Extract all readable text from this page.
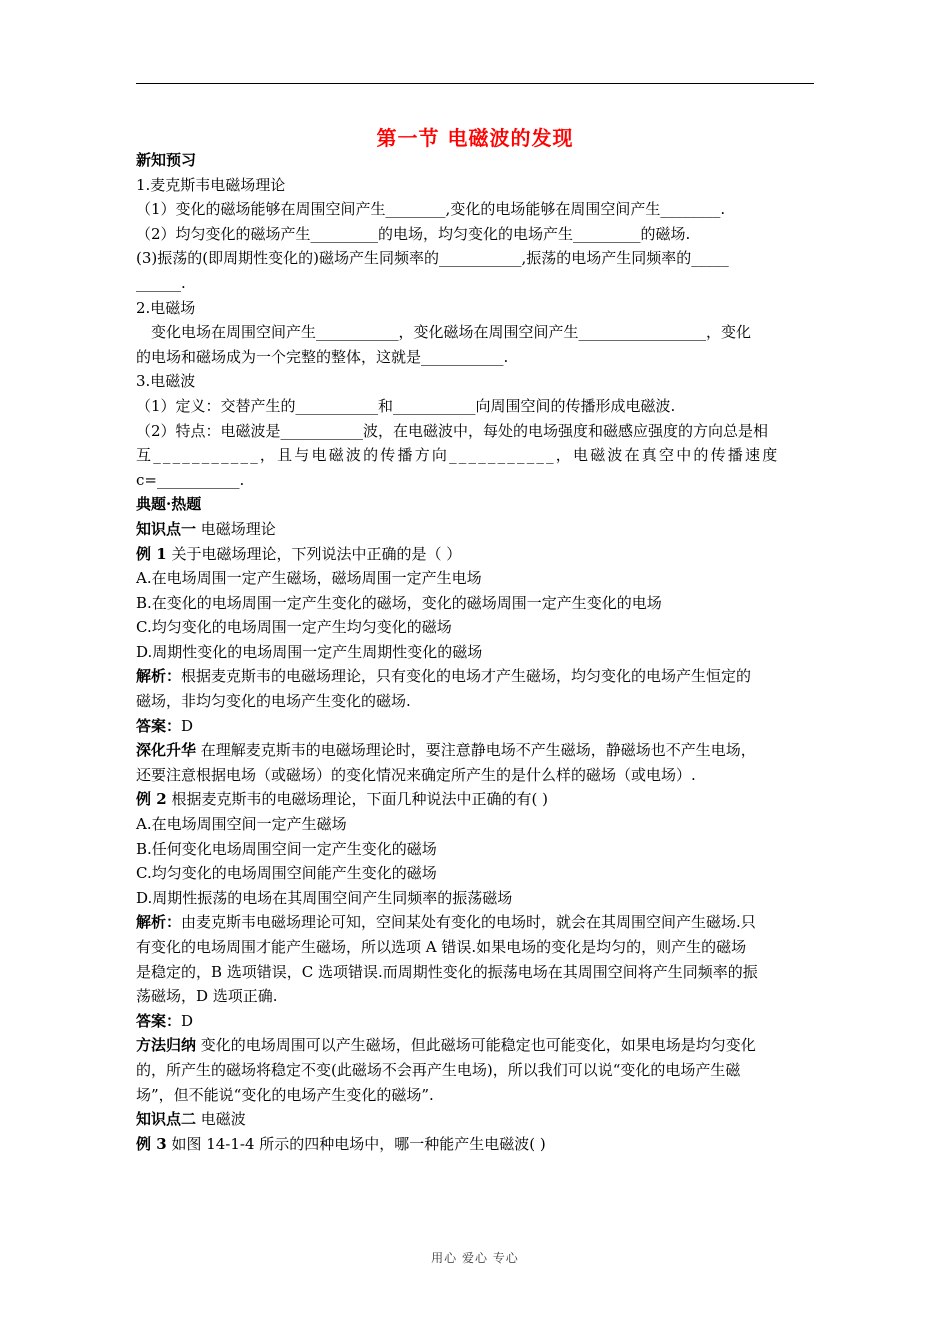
第一节 电磁波的发现
新知预习
1.麦克斯韦电磁场理论
（1）变化的磁场能够在周围空间产生________,变化的电场能够在周围空间产生________.
（2）均匀变化的磁场产生_________的电场，均匀变化的电场产生_________的磁场.
(3)振荡的(即周期性变化的)磁场产生同频率的___________,振荡的电场产生同频率的_____
______.
2.电磁场
变化电场在周围空间产生___________，变化磁场在周围空间产生_________________，变化
的电场和磁场成为一个完整的整体，这就是___________.
3.电磁波
（1）定义：交替产生的___________和___________向周围空间的传播形成电磁波.
（2）特点：电磁波是___________波，在电磁波中，每处的电场强度和磁感应强度的方向总是相
互___________，且与电磁波的传播方向___________，电磁波在真空中的传播速度
c=___________.
典题·热题
知识点一 电磁场理论
例 1 关于电磁场理论，下列说法中正确的是（ ）
A.在电场周围一定产生磁场，磁场周围一定产生电场
B.在变化的电场周围一定产生变化的磁场，变化的磁场周围一定产生变化的电场
C.均匀变化的电场周围一定产生均匀变化的磁场
D.周期性变化的电场周围一定产生周期性变化的磁场
解析：根据麦克斯韦的电磁场理论，只有变化的电场才产生磁场，均匀变化的电场产生恒定的
磁场，非均匀变化的电场产生变化的磁场.
答案：D
深化升华 在理解麦克斯韦的电磁场理论时，要注意静电场不产生磁场，静磁场也不产生电场，
还要注意根据电场（或磁场）的变化情况来确定所产生的是什么样的磁场（或电场）.
例 2 根据麦克斯韦的电磁场理论，下面几种说法中正确的有( )
A.在电场周围空间一定产生磁场
B.任何变化电场周围空间一定产生变化的磁场
C.均匀变化的电场周围空间能产生变化的磁场
D.周期性振荡的电场在其周围空间产生同频率的振荡磁场
解析：由麦克斯韦电磁场理论可知，空间某处有变化的电场时，就会在其周围空间产生磁场.只
有变化的电场周围才能产生磁场，所以选项 A 错误.如果电场的变化是均匀的，则产生的磁场
是稳定的，B 选项错误，C 选项错误.而周期性变化的振荡电场在其周围空间将产生同频率的振
荡磁场，D 选项正确.
答案：D
方法归纳 变化的电场周围可以产生磁场，但此磁场可能稳定也可能变化，如果电场是均匀变化
的，所产生的磁场将稳定不变(此磁场不会再产生电场)，所以我们可以说“变化的电场产生磁
场”，但不能说“变化的电场产生变化的磁场”.
知识点二 电磁波
例 3 如图 14-1-4 所示的四种电场中，哪一种能产生电磁波( )
用心 爱心 专心
